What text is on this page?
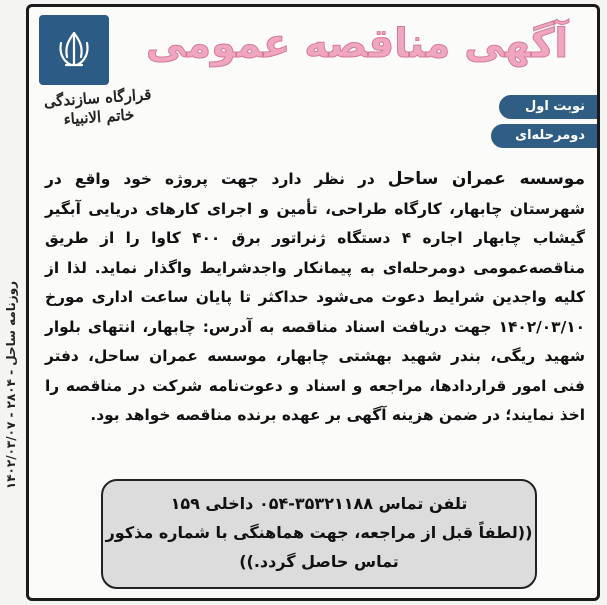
روزنامه ساحل - ۲۸۰۴ - ۱۴۰۲/۰۳/۰۷
قرارگاه سازندگی خاتم الانبیاء
آگهی مناقصه عمومی
نوبت اول
دومرحله‌ای
موسسه عمران ساحل در نظر دارد جهت پروژه خود واقع در شهرستان چابهار، کارگاه طراحی، تأمین و اجرای کارهای دریایی آبگیر گیشاب چابهار اجاره ۴ دستگاه ژنراتور برق ۴۰۰ کاوا را از طریق مناقصه‌عمومی دومرحله‌ای به پیمانکار واجدشرایط واگذار نماید. لذا از کلیه واجدین شرایط دعوت می‌شود حداکثر تا پایان ساعت اداری مورخ ۱۴۰۲/۰۳/۱۰ جهت دریافت اسناد مناقصه به آدرس: چابهار، انتهای بلوار شهید ریگی، بندر شهید بهشتی چابهار، موسسه عمران ساحل، دفتر فنی امور قراردادها، مراجعه و اسناد و دعوت‌نامه شرکت در مناقصه را اخذ نمایند؛ در ضمن هزینه آگهی بر عهده برنده مناقصه خواهد بود.
تلفن تماس ۳۵۳۲۱۱۸۸-۰۵۴ داخلی ۱۵۹
((لطفاً قبل از مراجعه، جهت هماهنگی با شماره مذکور
تماس حاصل گردد.))
